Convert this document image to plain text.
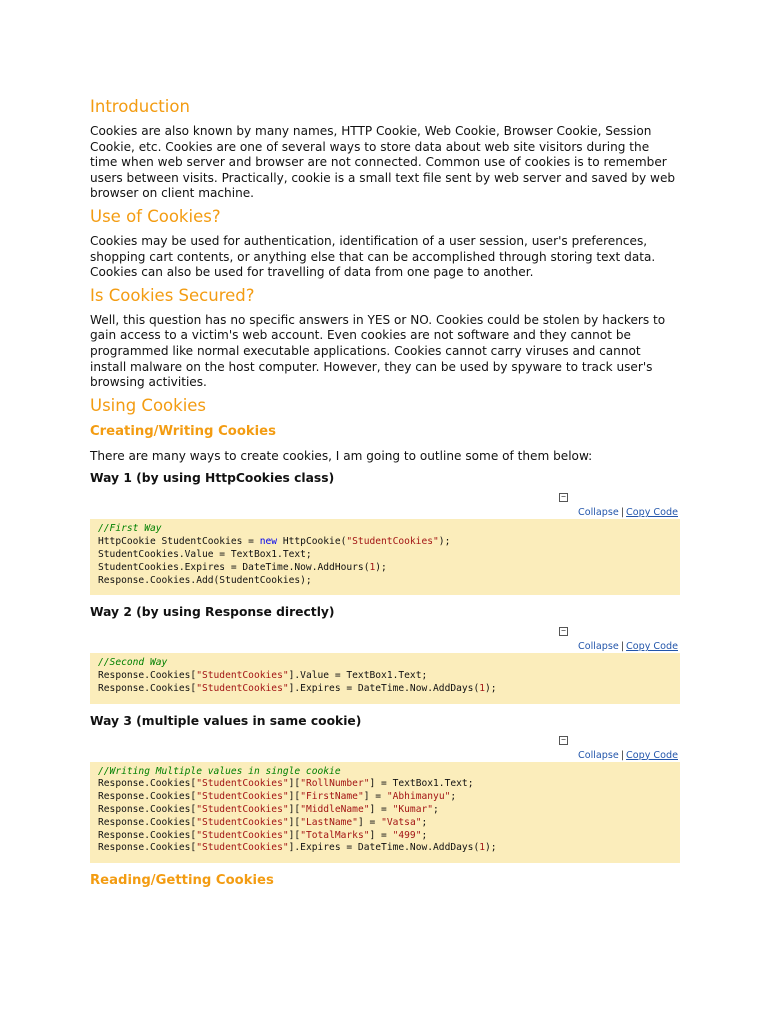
Introduction

Cookies are also known by many names, HTTP Cookie, Web Cookie, Browser Cookie, Session Cookie, etc. Cookies are one of several ways to store data about web site visitors during the time when web server and browser are not connected. Common use of cookies is to remember users between visits. Practically, cookie is a small text file sent by web server and saved by web browser on client machine.

Use of Cookies?

Cookies may be used for authentication, identification of a user session, user's preferences, shopping cart contents, or anything else that can be accomplished through storing text data. Cookies can also be used for travelling of data from one page to another.

Is Cookies Secured?

Well, this question has no specific answers in YES or NO. Cookies could be stolen by hackers to gain access to a victim's web account. Even cookies are not software and they cannot be programmed like normal executable applications. Cookies cannot carry viruses and cannot install malware on the host computer. However, they can be used by spyware to track user's browsing activities.

Using Cookies
Creating/Writing Cookies

There are many ways to create cookies, I am going to outline some of them below:

Way 1 (by using HttpCookies class)
−
Collapse | Copy Code
//First Way
HttpCookie StudentCookies = new HttpCookie("StudentCookies");
StudentCookies.Value = TextBox1.Text;
StudentCookies.Expires = DateTime.Now.AddHours(1);
Response.Cookies.Add(StudentCookies);
Way 2 (by using Response directly)
−
Collapse | Copy Code
//Second Way
Response.Cookies["StudentCookies"].Value = TextBox1.Text;
Response.Cookies["StudentCookies"].Expires = DateTime.Now.AddDays(1);
Way 3 (multiple values in same cookie)
−
Collapse | Copy Code
//Writing Multiple values in single cookie
Response.Cookies["StudentCookies"]["RollNumber"] = TextBox1.Text;
Response.Cookies["StudentCookies"]["FirstName"] = "Abhimanyu";
Response.Cookies["StudentCookies"]["MiddleName"] = "Kumar";
Response.Cookies["StudentCookies"]["LastName"] = "Vatsa";
Response.Cookies["StudentCookies"]["TotalMarks"] = "499";
Response.Cookies["StudentCookies"].Expires = DateTime.Now.AddDays(1);
Reading/Getting Cookies
